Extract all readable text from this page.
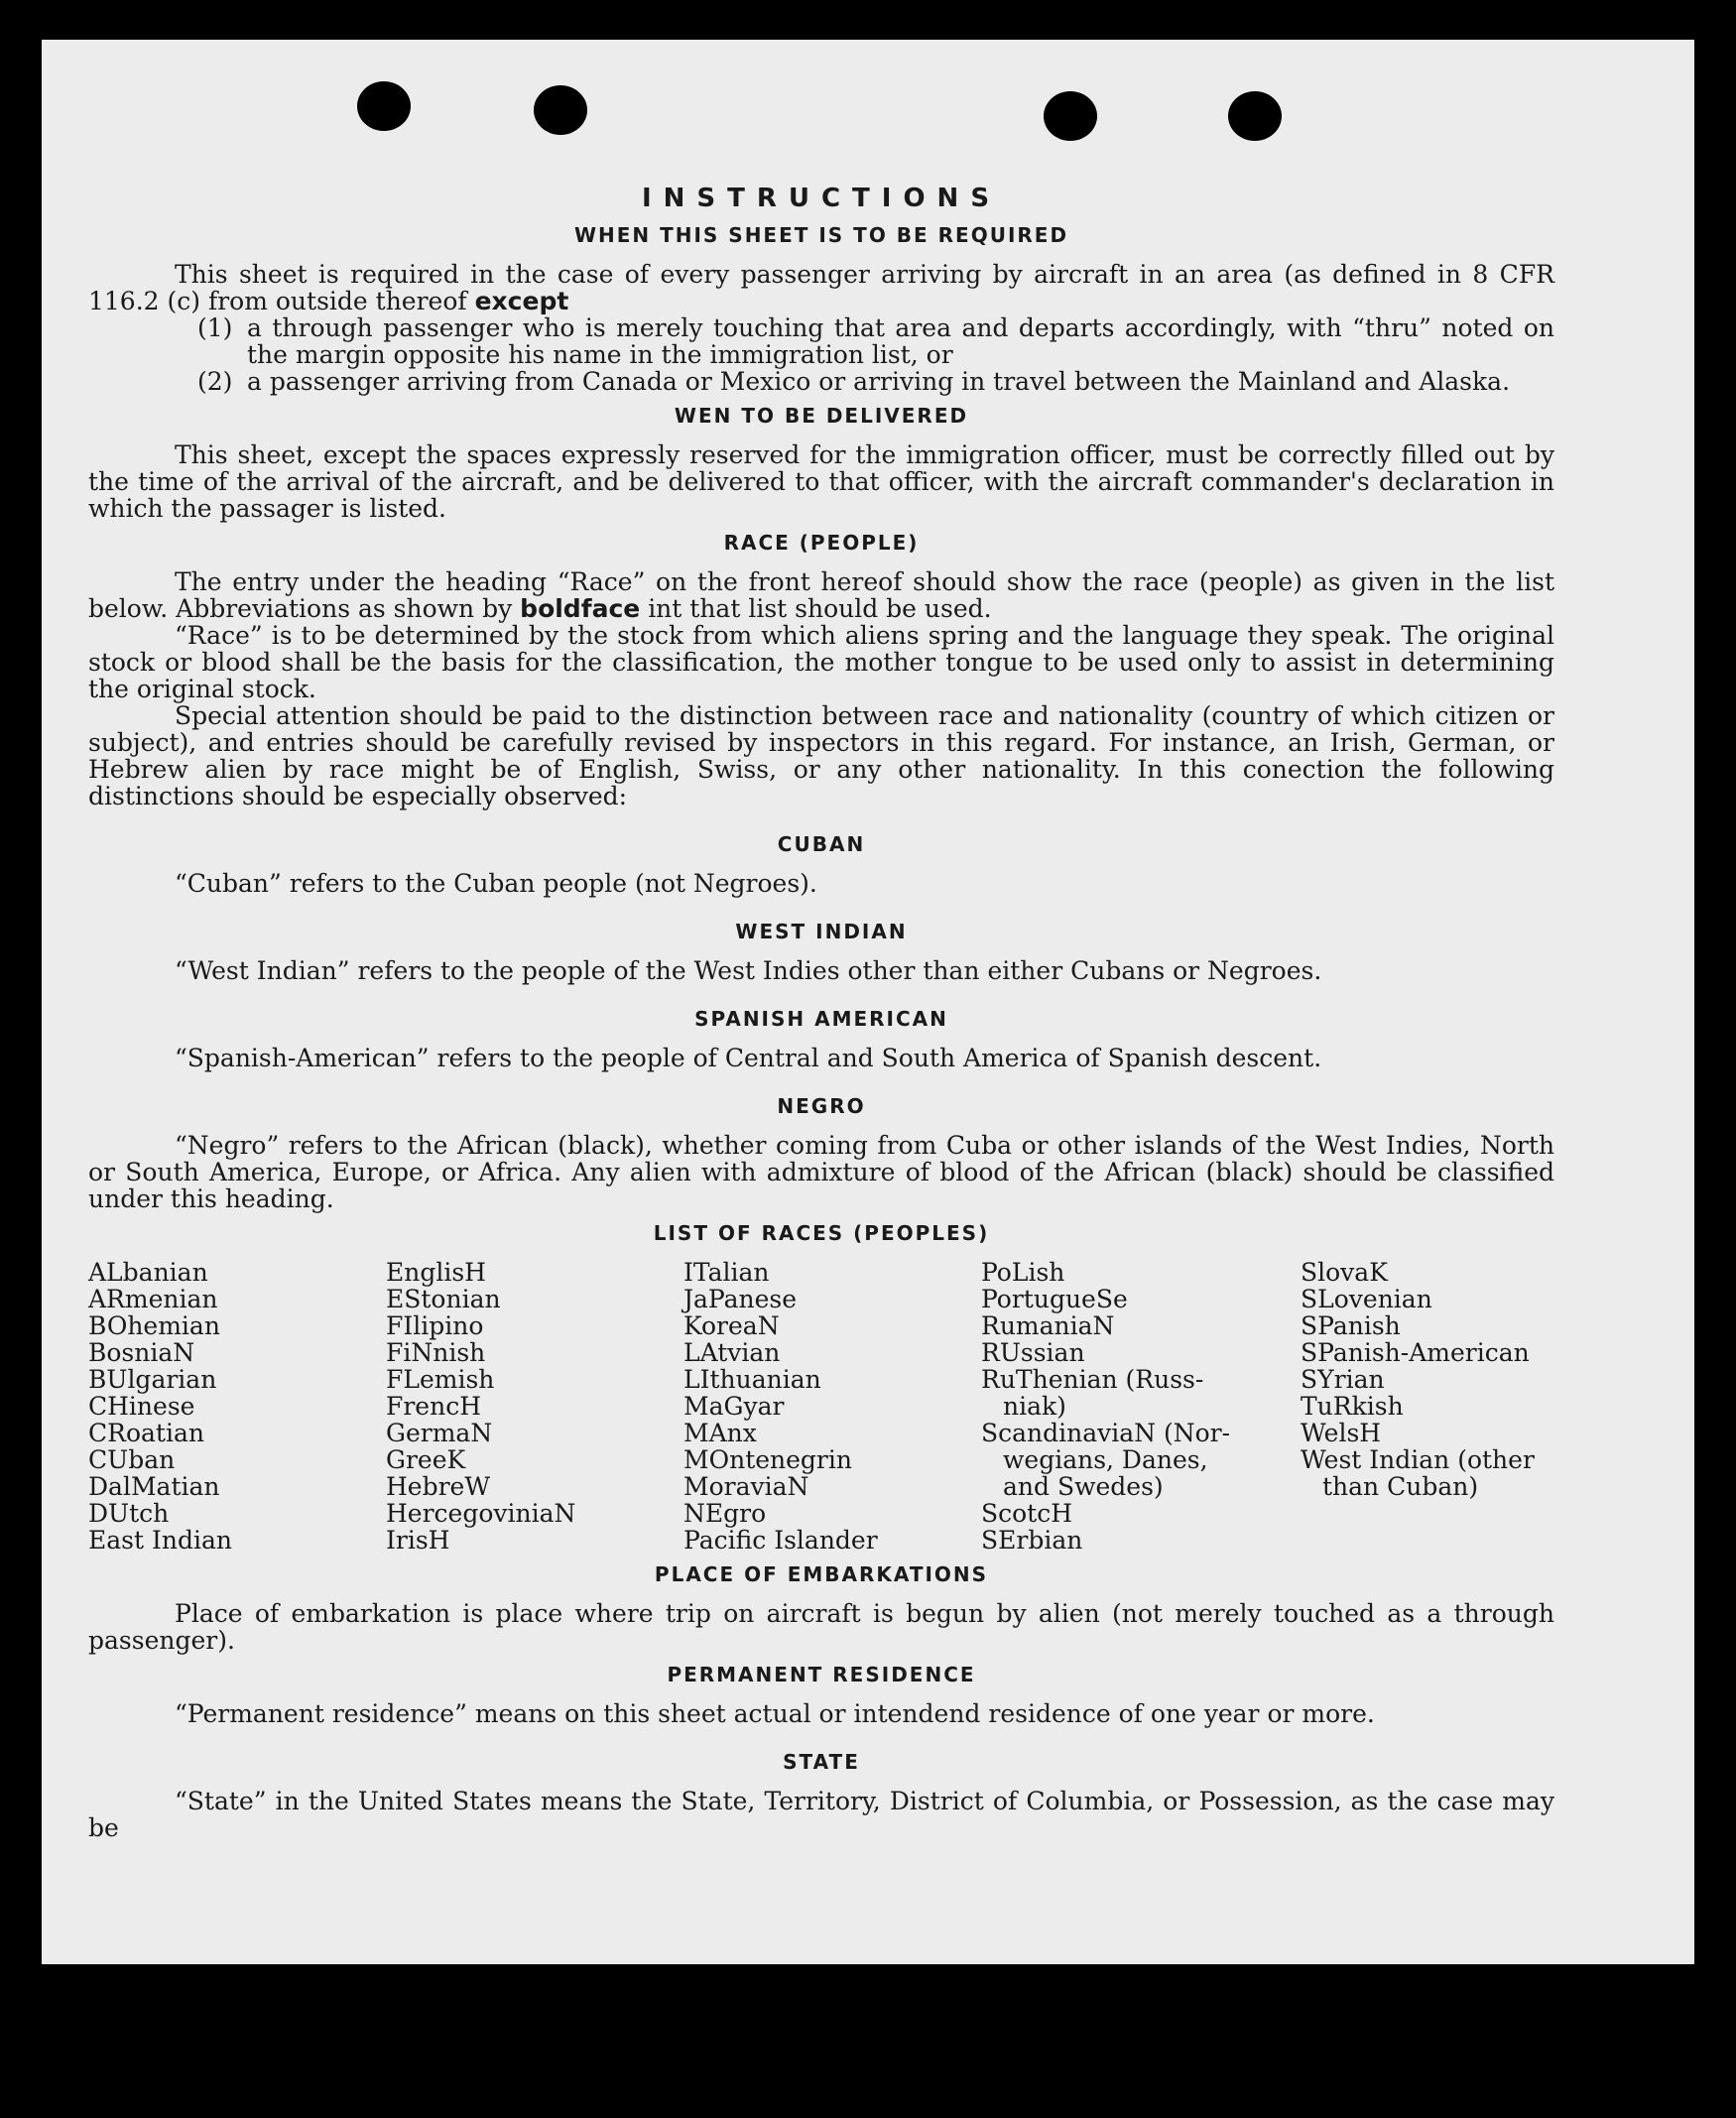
INSTRUCTIONS
WHEN THIS SHEET IS TO BE REQUIRED

This sheet is required in the case of every passenger arriving by aircraft in an area (as defined in 8 CFR 116.2 (c) from outside thereof except

(1) a through passenger who is merely touching that area and departs accordingly, with “thru” noted on the margin opposite his name in the immigration list, or
(2) a passenger arriving from Canada or Mexico or arriving in travel between the Mainland and Alaska.
WEN TO BE DELIVERED

This sheet, except the spaces expressly reserved for the immigration officer, must be correctly filled out by the time of the arrival of the aircraft, and be delivered to that officer, with the aircraft commander's declaration in which the passager is listed.

RACE (PEOPLE)

The entry under the heading “Race” on the front hereof should show the race (people) as given in the list below. Abbreviations as shown by boldface int that list should be used.

“Race” is to be determined by the stock from which aliens spring and the language they speak. The original stock or blood shall be the basis for the classification, the mother tongue to be used only to assist in determining the original stock.

Special attention should be paid to the distinction between race and nationality (country of which citizen or subject), and entries should be carefully revised by inspectors in this regard. For instance, an Irish, German, or Hebrew alien by race might be of English, Swiss, or any other nationality. In this conection the following distinctions should be especially observed:

CUBAN

“Cuban” refers to the Cuban people (not Negroes).

WEST INDIAN

“West Indian” refers to the people of the West Indies other than either Cubans or Negroes.

SPANISH AMERICAN

“Spanish-American” refers to the people of Central and South America of Spanish descent.

NEGRO

“Negro” refers to the African (black), whether coming from Cuba or other islands of the West Indies, North or South America, Europe, or Africa. Any alien with admixture of blood of the African (black) should be classified under this heading.

LIST OF RACES (PEOPLES)
ALbanian
ARmenian
BOhemian
BosniaN
BUlgarian
CHinese
CRoatian
CUban
DalMatian
DUtch
East Indian
EnglisH
EStonian
FIlipino
FiNnish
FLemish
FrencH
GermaN
GreeK
HebreW
HercegoviniaN
IrisH
ITalian
JaPanese
KoreaN
LAtvian
LIthuanian
MaGyar
MAnx
MOntenegrin
MoraviaN
NEgro
Pacific Islander
PoLish
PortugueSe
RumaniaN
RUssian
RuThenian (Russ-
niak)
ScandinaviaN (Nor-
wegians, Danes,
and Swedes)
ScotcH
SErbian
SlovaK
SLovenian
SPanish
SPanish-American
SYrian
TuRkish
WelsH
West Indian (other
than Cuban)
PLACE OF EMBARKATIONS

Place of embarkation is place where trip on aircraft is begun by alien (not merely touched as a through passenger).

PERMANENT RESIDENCE

“Permanent residence” means on this sheet actual or intendend residence of one year or more.

STATE

“State” in the United States means the State, Territory, District of Columbia, or Possession, as the case may be
